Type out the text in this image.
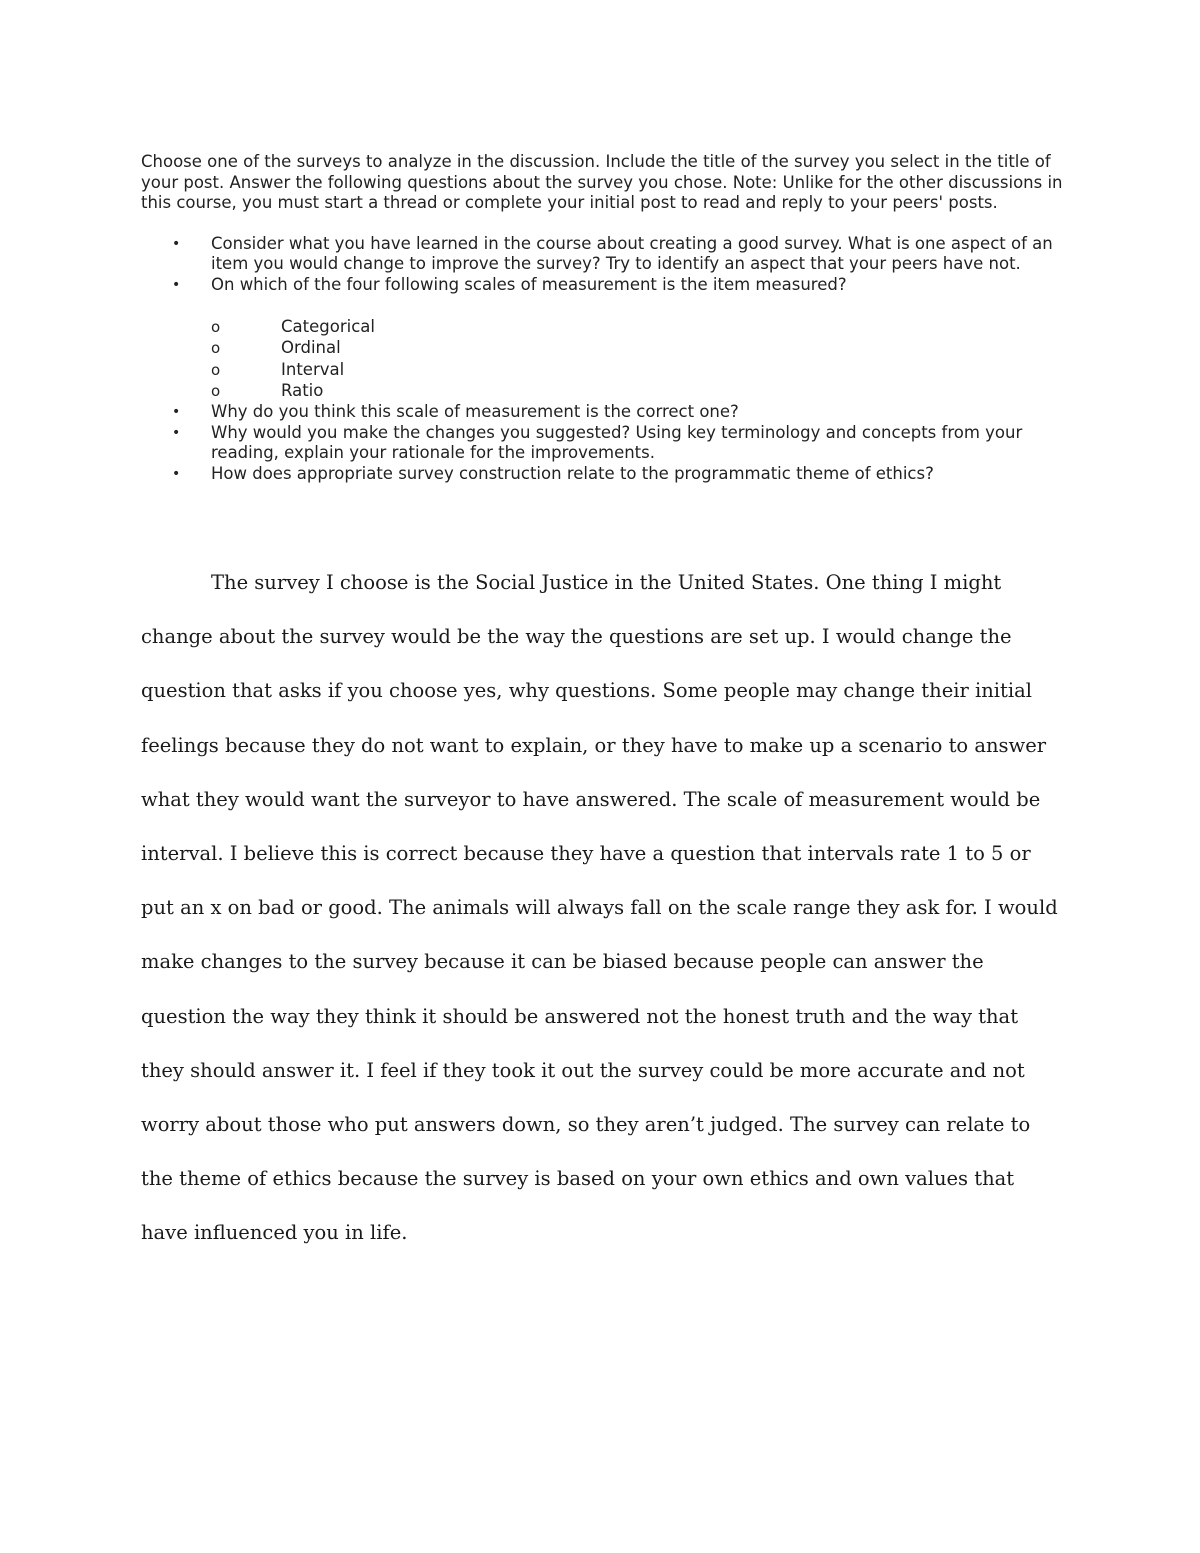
Choose one of the surveys to analyze in the discussion. Include the title of the survey you select in the title of your post. Answer the following questions about the survey you chose. Note: Unlike for the other discussions in this course, you must start a thread or complete your initial post to read and reply to your peers' posts.

• Consider what you have learned in the course about creating a good survey. What is one aspect of an item you would change to improve the survey? Try to identify an aspect that your peers have not.
• On which of the four following scales of measurement is the item measured?
o	Categorical
o	Ordinal
o	Interval
o	Ratio
• Why do you think this scale of measurement is the correct one?
• Why would you make the changes you suggested? Using key terminology and concepts from your reading, explain your rationale for the improvements.
• How does appropriate survey construction relate to the programmatic theme of ethics?

The survey I choose is the Social Justice in the United States. One thing I might change about the survey would be the way the questions are set up. I would change the question that asks if you choose yes, why questions. Some people may change their initial feelings because they do not want to explain, or they have to make up a scenario to answer what they would want the surveyor to have answered. The scale of measurement would be interval. I believe this is correct because they have a question that intervals rate 1 to 5 or put an x on bad or good. The animals will always fall on the scale range they ask for. I would make changes to the survey because it can be biased because people can answer the question the way they think it should be answered not the honest truth and the way that they should answer it. I feel if they took it out the survey could be more accurate and not worry about those who put answers down, so they aren’t judged. The survey can relate to the theme of ethics because the survey is based on your own ethics and own values that have influenced you in life.
